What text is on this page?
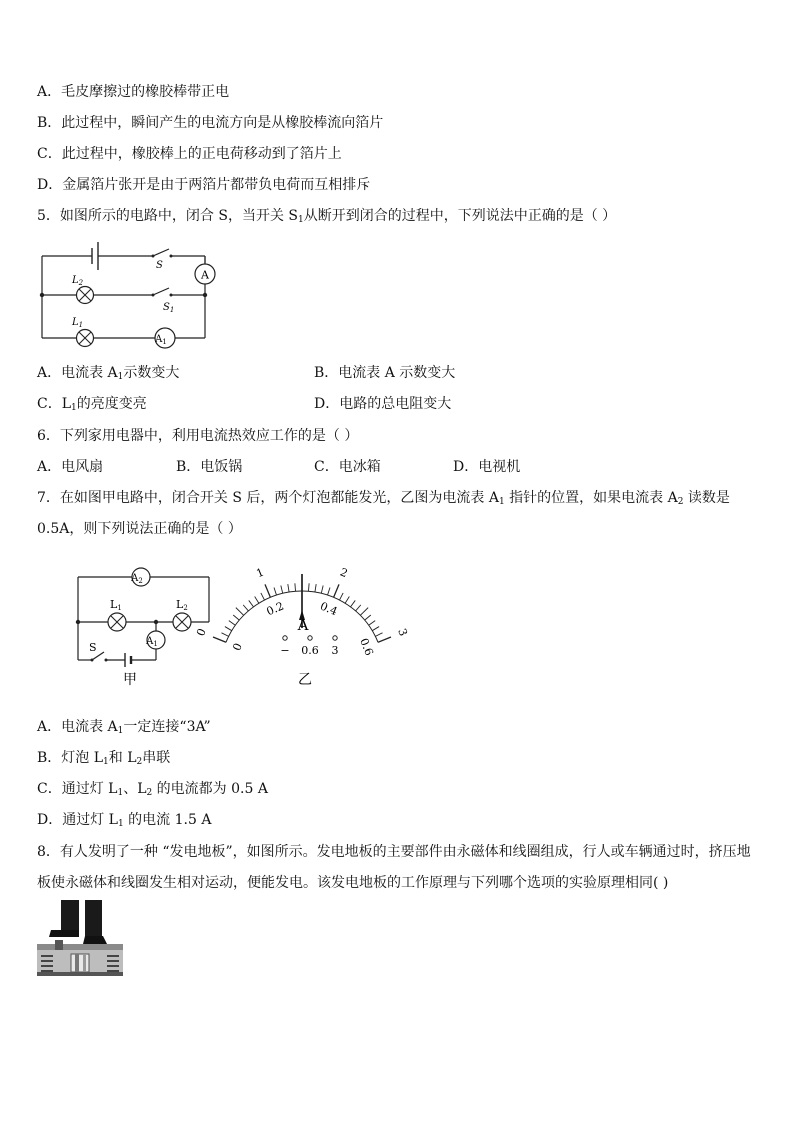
A．毛皮摩擦过的橡胶棒带正电
B．此过程中，瞬间产生的电流方向是从橡胶棒流向箔片
C．此过程中，橡胶棒上的正电荷移动到了箔片上
D．金属箔片张开是由于两箔片都带负电荷而互相排斥
5．如图所示的电路中，闭合 S，当开关 $S_1$从断开到闭合的过程中，下列说法中正确的是（ ）
A
$L_2$
$L_1$
$A_1$
S
$S_1$
A．电流表 $A_1$示数变大	B．电流表 A 示数变大
C．$L_1$的亮度变亮	D．电路的总电阻变大
6．下列家用电器中，利用电流热效应工作的是（ ）
A．电风扇	B．电饭锅	C．电冰箱	D．电视机
7．在如图甲电路中，闭合开关 S 后，两个灯泡都能发光，乙图为电流表 $A_1$ 指针的位置，如果电流表 $A_2$ 读数是
0.5A，则下列说法正确的是（ ）
$A_2$
L1	L2
$A_1$
S
甲
0
1	2
3
0
0.2	0.4
0.6
A
− 0.6 3
乙
A．电流表 $A_1$一定连接“3A”
B．灯泡 $L_1$和 $L_2$串联
C．通过灯 $L_1$、$L_2$ 的电流都为 0.5 A
D．通过灯 $L_1$ 的电流 1.5 A
8．有人发明了一种 “发电地板”，如图所示。发电地板的主要部件由永磁体和线圈组成，行人或车辆通过时，挤压地
板使永磁体和线圈发生相对运动，便能发电。该发电地板的工作原理与下列哪个选项的实验原理相同( )
